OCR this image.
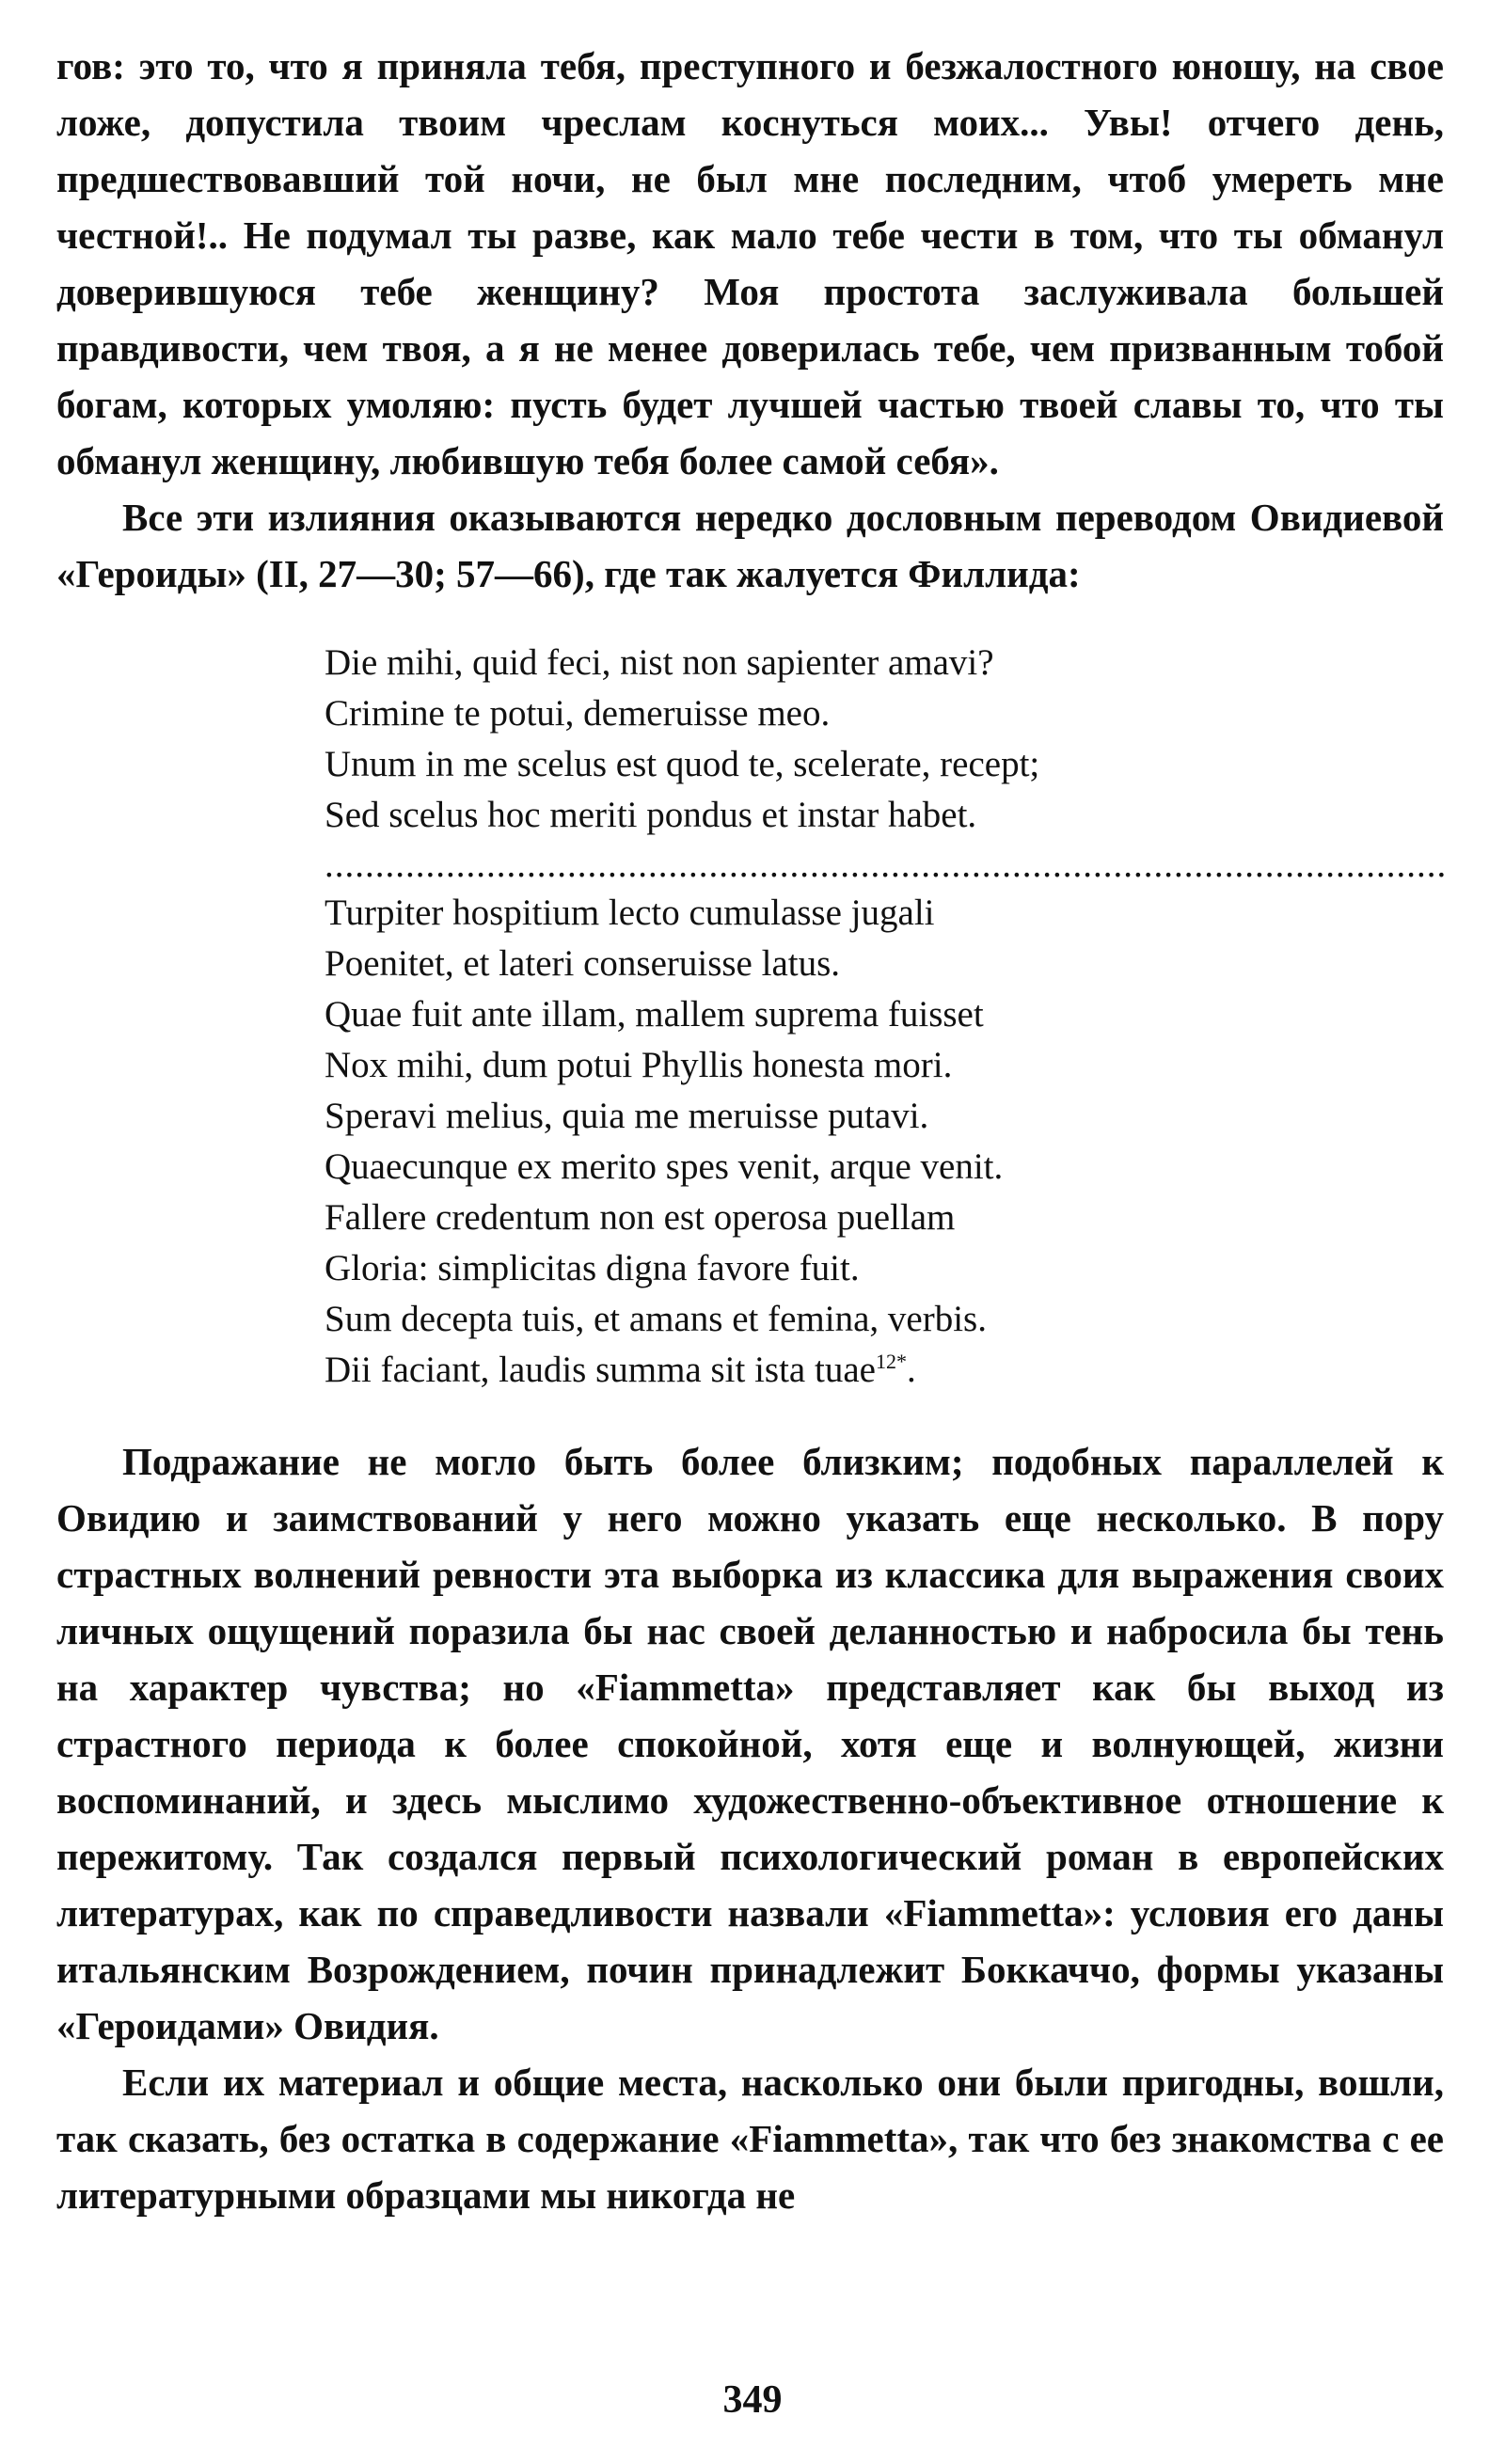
гов: это то, что я приняла тебя, преступного и безжалостного юношу, на свое ложе, допустила твоим чреслам коснуться моих... Увы! отчего день, предшествовавший той ночи, не был мне последним, чтоб умереть мне честной!.. Не подумал ты разве, как мало тебе чести в том, что ты обманул доверившуюся тебе женщину? Моя простота заслуживала большей правдивости, чем твоя, а я не менее доверилась тебе, чем призванным тобой богам, которых умоляю: пусть будет лучшей частью твоей славы то, что ты обманул женщину, любившую тебя более самой себя».

Все эти излияния оказываются нередко дословным переводом Овидиевой «Героиды» (II, 27—30; 57—66), где так жалуется Филлида:

Die mihi, quid feci, nist non sapienter amavi?
Crimine te potui, demeruisse meo.
Unum in me scelus est quod te, scelerate, recept;
Sed scelus hoc meriti pondus et instar habet.
...............................................................................................................
Turpiter hospitium lecto cumulasse jugali
Poenitet, et lateri conseruisse latus.
Quae fuit ante illam, mallem suprema fuisset
Nox mihi, dum potui Phyllis honesta mori.
Speravi melius, quia me meruisse putavi.
Quaecunque ex merito spes venit, arque venit.
Fallere credentum non est operosa puellam
Gloria: simplicitas digna favore fuit.
Sum decepta tuis, et amans et femina, verbis.
Dii faciant, laudis summa sit ista tuae$^{12*}$.

Подражание не могло быть более близким; подобных параллелей к Овидию и заимствований у него можно указать еще несколько. В пору страстных волнений ревности эта выборка из классика для выражения своих личных ощущений поразила бы нас своей деланностью и набросила бы тень на характер чувства; но «Fiammetta» представляет как бы выход из страстного периода к более спокойной, хотя еще и волнующей, жизни воспоминаний, и здесь мыслимо художественно-объективное отношение к пережитому. Так создался первый психологический роман в европейских литературах, как по справедливости назвали «Fiammetta»: условия его даны итальянским Возрождением, почин принадлежит Боккаччо, формы указаны «Героидами» Овидия.

Если их материал и общие места, насколько они были пригодны, вошли, так сказать, без остатка в содержание «Fiammetta», так что без знакомства с ее литературными образцами мы никогда не

349
